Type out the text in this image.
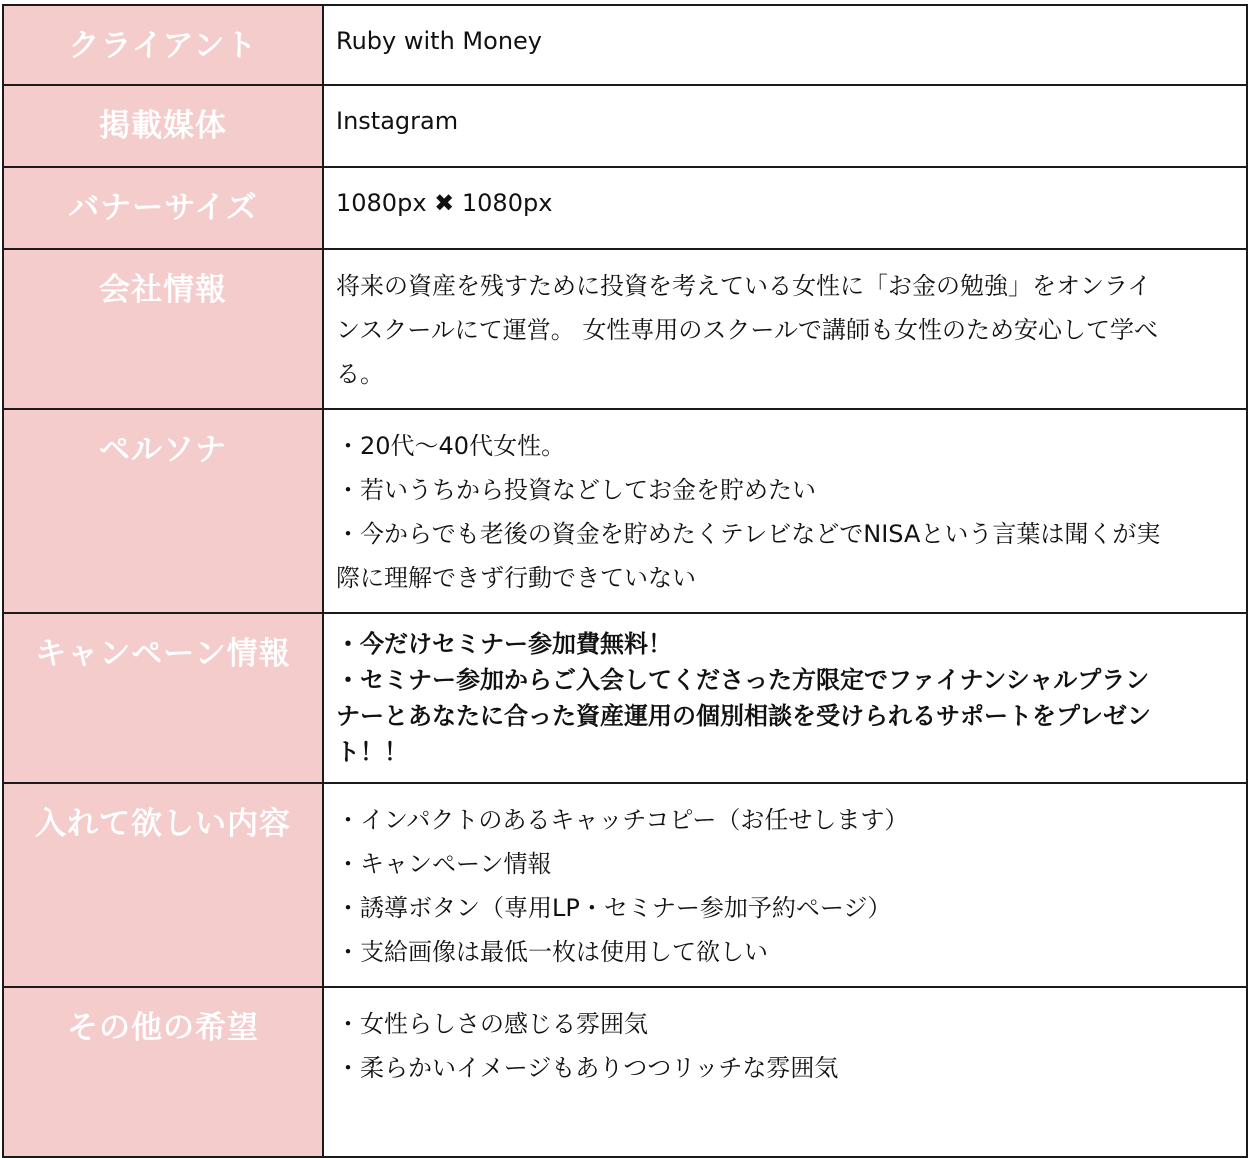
クライアント	Ruby with Money

掲載媒体	Instagram

バナーサイズ	1080px ✖ 1080px

会社情報	将来の資産を残すために投資を考えている女性に「お金の勉強」をオンライ
ンスクールにて運営。 女性専用のスクールで講師も女性のため安心して学べ
る。

ペルソナ	・20代〜40代女性。
・若いうちから投資などしてお金を貯めたい
・今からでも老後の資金を貯めたくテレビなどでNISAという言葉は聞くが実
際に理解できず行動できていない

キャンペーン情報	・今だけセミナー参加費無料！
・セミナー参加からご入会してくださった方限定でファイナンシャルプラン
ナーとあなたに合った資産運用の個別相談を受けられるサポートをプレゼン
ト！！

入れて欲しい内容	・インパクトのあるキャッチコピー（お任せします）
・キャンペーン情報
・誘導ボタン（専用LP・セミナー参加予約ページ）
・支給画像は最低一枚は使用して欲しい

その他の希望	・女性らしさの感じる雰囲気
・柔らかいイメージもありつつリッチな雰囲気
